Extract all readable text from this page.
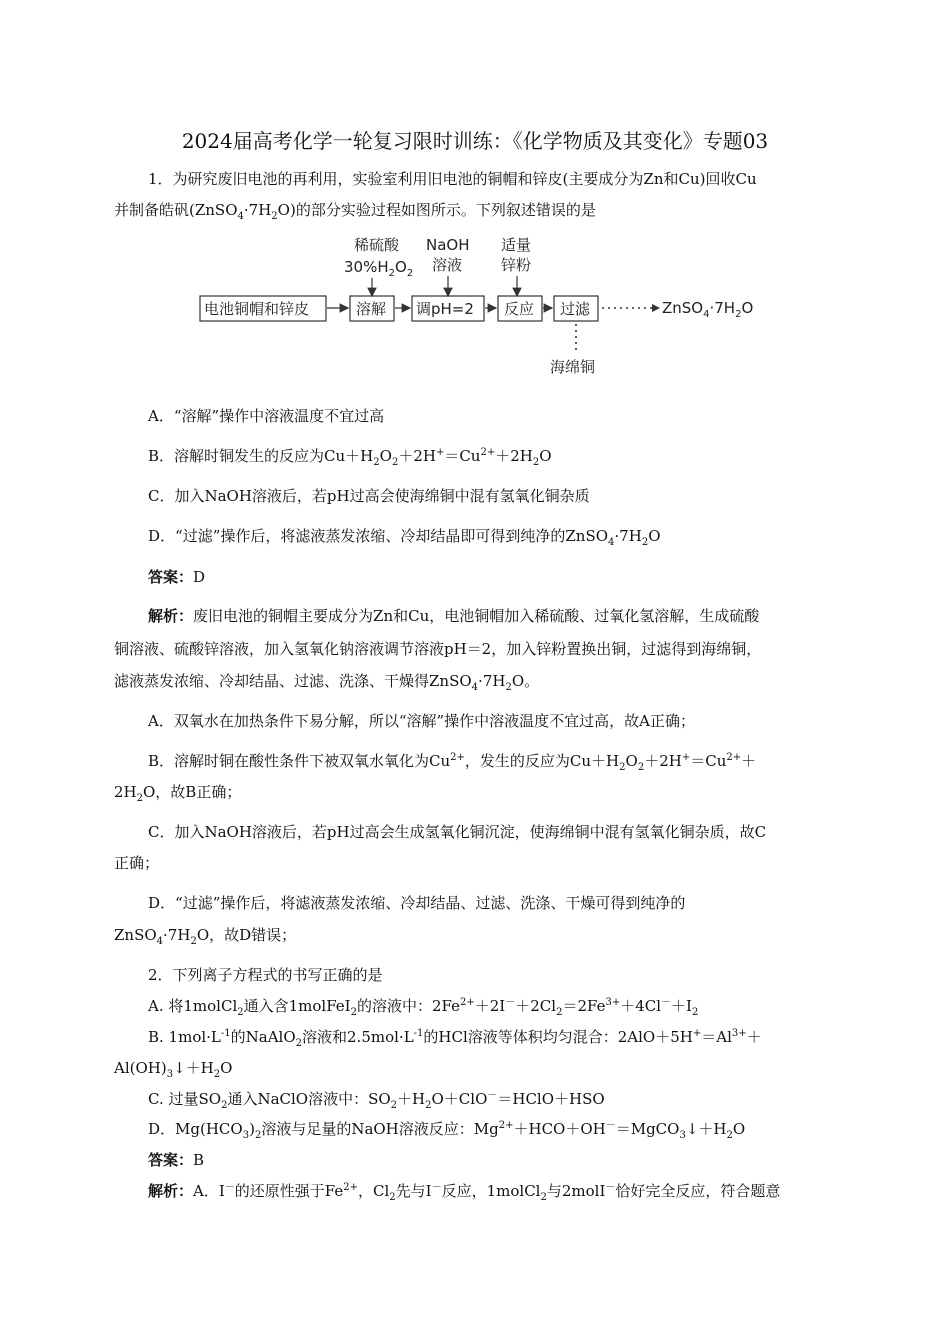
2024届高考化学一轮复习限时训练：《化学物质及其变化》专题03
1．为研究废旧电池的再利用，实验室利用旧电池的铜帽和锌皮(主要成分为Zn和Cu)回收Cu
并制备皓矾$(ZnSO_4\cdot 7H_2O)$的部分实验过程如图所示。下列叙述错误的是
稀硫酸
$30\%H_2O_2$
NaOH
溶液
适量
锌粉
电池铜帽和锌皮	溶解 调pH=2 反应 过滤	$ZnSO_4\cdot 7H_2O$
海绵铜
A．“溶解”操作中溶液温度不宜过高
B．溶解时铜发生的反应为$Cu+H_2O_2+2H^+=Cu^{2+}+2H_2O$
C．加入NaOH溶液后，若pH过高会使海绵铜中混有氢氧化铜杂质
D．“过滤”操作后，将滤液蒸发浓缩、冷却结晶即可得到纯净的$ZnSO_4\cdot 7H_2O$
答案：D
解析：废旧电池的铜帽主要成分为Zn和Cu，电池铜帽加入稀硫酸、过氧化氢溶解，生成硫酸
铜溶液、硫酸锌溶液，加入氢氧化钠溶液调节溶液pH＝2，加入锌粉置换出铜，过滤得到海绵铜，
滤液蒸发浓缩、冷却结晶、过滤、洗涤、干燥得$ZnSO_4\cdot 7H_2O$。
A．双氧水在加热条件下易分解，所以“溶解”操作中溶液温度不宜过高，故A正确；
B．溶解时铜在酸性条件下被双氧水氧化为$Cu^{2+}$，发生的反应为$Cu+H_2O_2+2H^+=Cu^{2+}+$
$2H_2O$，故B正确；
C．加入NaOH溶液后，若pH过高会生成氢氧化铜沉淀，使海绵铜中混有氢氧化铜杂质，故C
正确；
D．“过滤”操作后，将滤液蒸发浓缩、冷却结晶、过滤、洗涤、干燥可得到纯净的
$ZnSO_4\cdot 7H_2O$，故D错误；
2．下列离子方程式的书写正确的是
A. 将1molCl$_2$通入含1molFeI$_2$的溶液中：$2Fe^{2+}+2I^-+2Cl_2=2Fe^{3+}+4Cl^-+I_2$
B. $1mol\cdot L^{-1}$的NaAlO$_2$溶液和$2.5mol\cdot L^{-1}$的HCl溶液等体积均匀混合：$2AlO+5H^+=Al^{3+}+$
$Al(OH)_3↓+H_2O$
C. 过量$SO_2$通入NaClO溶液中：$SO_2+H_2O+ClO^-=HClO+HSO$
D．$Mg(HCO_3)_2$溶液与足量的NaOH溶液反应：$Mg^{2+}+HCO+OH^-=MgCO_3↓+H_2O$
答案：B
解析：A．I－的还原性强于$Fe^{2+}$，$Cl_2$先与I－反应，1molCl$_2$与2molI－恰好完全反应，符合题意
